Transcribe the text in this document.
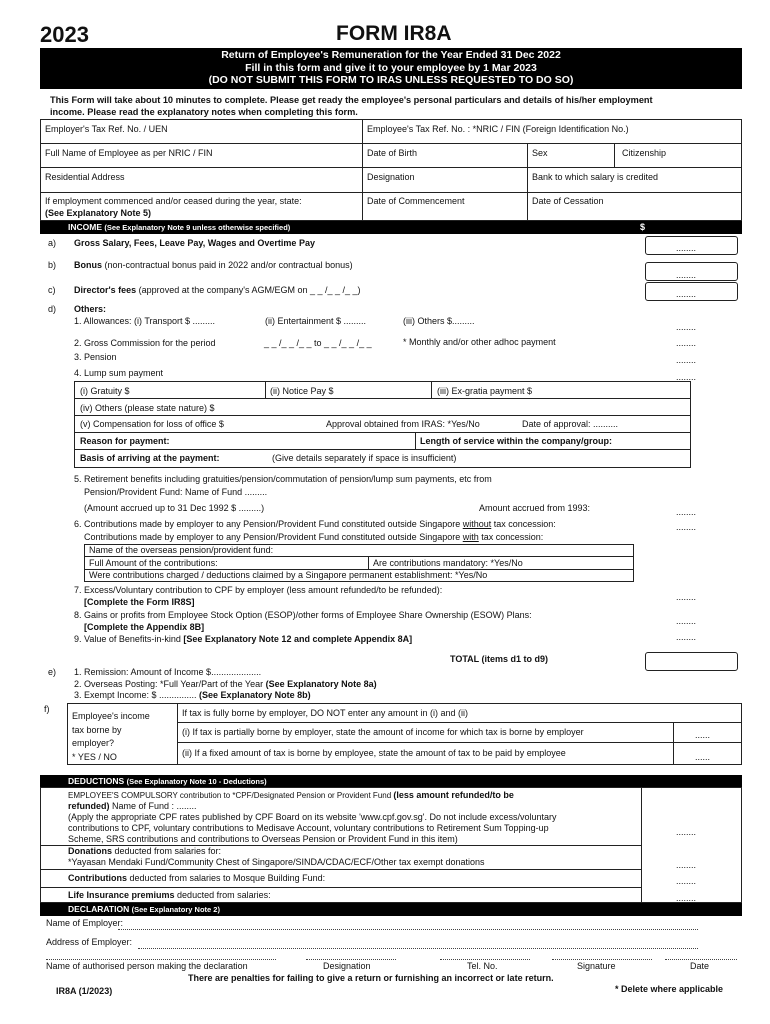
2023	FORM IR8A
Return of Employee's Remuneration for the Year Ended 31 Dec 2022
Fill in this form and give it to your employee by 1 Mar 2023
(DO NOT SUBMIT THIS FORM TO IRAS UNLESS REQUESTED TO DO SO)
This Form will take about 10 minutes to complete. Please get ready the employee's personal particulars and details of his/her employment
income. Please read the explanatory notes when completing this form.
Employer's Tax Ref. No. / UEN	Employee's Tax Ref. No. : *NRIC / FIN (Foreign Identification No.)
Full Name of Employee as per NRIC / FIN	Date of Birth	Sex	Citizenship
Residential Address	Designation	Bank to which salary is credited
If employment commenced and/or ceased during the year, state:
(See Explanatory Note 5)
Date of Commencement	Date of Cessation
INCOME (See Explanatory Note 9 unless otherwise specified)	$
a) Gross Salary, Fees, Leave Pay, Wages and Overtime Pay	........
b) Bonus (non-contractual bonus paid in 2022 and/or contractual bonus)
........
c) Director's fees (approved at the company's AGM/EGM on _ _ /_ _ /_ _)	........
d) Others:
1. Allowances: (i) Transport $ .........	(ii) Entertainment $ .........	(iii) Others $.........
........
2. Gross Commission for the period	_ _ /_ _ /_ _ to _ _ /_ _ /_ _	* Monthly and/or other adhoc payment	........
3. Pension	........
4. Lump sum payment	........
(i) Gratuity $	(ii) Notice Pay $	(iii) Ex-gratia payment $
(iv) Others (please state nature) $
(v) Compensation for loss of office $	Approval obtained from IRAS: *Yes/No	Date of approval: ..........
Reason for payment:	Length of service within the company/group:
Basis of arriving at the payment:	(Give details separately if space is insufficient)
5. Retirement benefits including gratuities/pension/commutation of pension/lump sum payments, etc from
Pension/Provident Fund: Name of Fund .........
(Amount accrued up to 31 Dec 1992 $ .........)	Amount accrued from 1993:	........
6. Contributions made by employer to any Pension/Provident Fund constituted outside Singapore without tax concession:	........
Contributions made by employer to any Pension/Provident Fund constituted outside Singapore with tax concession:
Name of the overseas pension/provident fund:
Full Amount of the contributions:	Are contributions mandatory: *Yes/No
Were contributions charged / deductions claimed by a Singapore permanent establishment: *Yes/No
7. Excess/Voluntary contribution to CPF by employer (less amount refunded/to be refunded):
[Complete the Form IR8S]	........
8. Gains or profits from Employee Stock Option (ESOP)/other forms of Employee Share Ownership (ESOW) Plans:
[Complete the Appendix 8B]
........
9. Value of Benefits-in-kind [See Explanatory Note 12 and complete Appendix 8A]	........
TOTAL (items d1 to d9)
e) 1. Remission: Amount of Income $....................
2. Overseas Posting: *Full Year/Part of the Year (See Explanatory Note 8a)
3. Exempt Income: $ ............... (See Explanatory Note 8b)
f)
Employee's income
tax borne by
employer?
* YES / NO
If tax is fully borne by employer, DO NOT enter any amount in (i) and (ii)
(i) If tax is partially borne by employer, state the amount of income for which tax is borne by employer	......
(ii) If a fixed amount of tax is borne by employee, state the amount of tax to be paid by employee	......
DEDUCTIONS (See Explanatory Note 10 - Deductions)
EMPLOYEE'S COMPULSORY contribution to *CPF/Designated Pension or Provident Fund (less amount refunded/to be
refunded) Name of Fund : ........
(Apply the appropriate CPF rates published by CPF Board on its website 'www.cpf.gov.sg'. Do not include excess/voluntary
contributions to CPF, voluntary contributions to Medisave Account, voluntary contributions to Retirement Sum Topping-up
Scheme, SRS contributions and contributions to Overseas Pension or Provident Fund in this item)
........
Donations deducted from salaries for:
*Yayasan Mendaki Fund/Community Chest of Singapore/SINDA/CDAC/ECF/Other tax exempt donations	........
Contributions deducted from salaries to Mosque Building Fund:	........
Life Insurance premiums deducted from salaries:	........
DECLARATION (See Explanatory Note 2)
Name of Employer:
Address of Employer:
Name of authorised person making the declaration	Designation	Tel. No.	Signature	Date
There are penalties for failing to give a return or furnishing an incorrect or late return.
IR8A (1/2023)	* Delete where applicable
